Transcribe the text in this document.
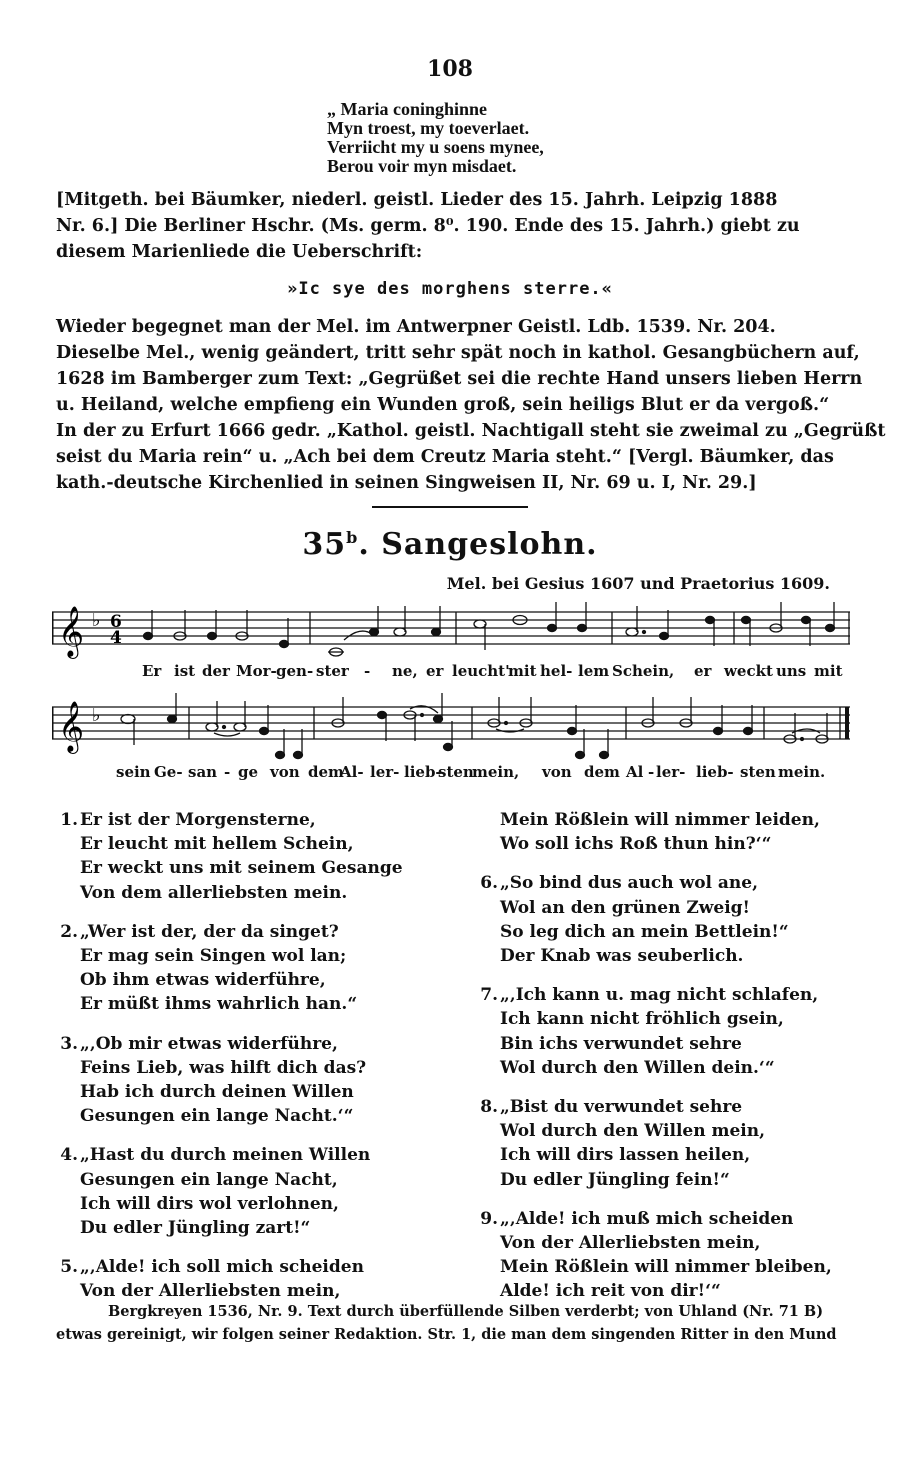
108
„ Maria coninghinne
Myn troest, my toeverlaet.
Verriicht my u soens mynee,
Berou voir myn misdaet.
[Mitgeth. bei Bäumker, niederl. geistl. Lieder des 15. Jahrh. Leipzig 1888
Nr. 6.] Die Berliner Hschr. (Ms. germ. 8⁰. 190. Ende des 15. Jahrh.) giebt zu
diesem Marienliede die Ueberschrift:
»Ic sye des morghens sterre.«
Wieder begegnet man der Mel. im Antwerpner Geistl. Ldb. 1539. Nr. 204.
Dieselbe Mel., wenig geändert, tritt sehr spät noch in kathol. Gesangbüchern auf,
1628 im Bamberger zum Text: „Gegrüßet sei die rechte Hand unsers lieben Herrn
u. Heiland, welche empfieng ein Wunden groß, sein heiligs Blut er da vergoß.“
In der zu Erfurt 1666 gedr. „Kathol. geistl. Nachtigall steht sie zweimal zu „Gegrüßt
seist du Maria rein“ u. „Ach bei dem Creutz Maria steht.“ [Vergl. Bäumker, das
kath.-deutsche Kirchenlied in seinen Singweisen II, Nr. 69 u. I, Nr. 29.]
35$^b$. Sangeslohn.
Mel. bei Gesius 1607 und Praetorius 1609.
𝄞 ♭ 6
4
Er ist der Mor- gen- ster - ne, er leucht'
mit hel- lem Schein, er weckt uns mit
𝄞 ♭
sein Ge- san - ge von dem
Al- ler- lieb-
sten
mein, von dem Al - ler- lieb- sten mein.
1. Er ist der Morgensterne,
Er leucht mit hellem Schein,
Er weckt uns mit seinem Gesange
Von dem allerliebsten mein.
2. „Wer ist der, der da singet?
Er mag sein Singen wol lan;
Ob ihm etwas widerführe,
Er müßt ihms wahrlich han.“
3. „‚Ob mir etwas widerführe,
Feins Lieb, was hilft dich das?
Hab ich durch deinen Willen
Gesungen ein lange Nacht.‘“
4. „Hast du durch meinen Willen
Gesungen ein lange Nacht,
Ich will dirs wol verlohnen,
Du edler Jüngling zart!“
5. „‚Alde! ich soll mich scheiden
Von der Allerliebsten mein,
Mein Rößlein will nimmer leiden,
Wo soll ichs Roß thun hin?‘“
6. „So bind dus auch wol ane,
Wol an den grünen Zweig!
So leg dich an mein Bettlein!“
Der Knab was seuberlich.
7. „‚Ich kann u. mag nicht schlafen,
Ich kann nicht fröhlich gsein,
Bin ichs verwundet sehre
Wol durch den Willen dein.‘“
8. „Bist du verwundet sehre
Wol durch den Willen mein,
Ich will dirs lassen heilen,
Du edler Jüngling fein!“
9. „‚Alde! ich muß mich scheiden
Von der Allerliebsten mein,
Mein Rößlein will nimmer bleiben,
Alde! ich reit von dir!‘“
Bergkreyen 1536, Nr. 9. Text durch überfüllende Silben verderbt; von Uhland (Nr. 71 B)
etwas gereinigt, wir folgen seiner Redaktion. Str. 1, die man dem singenden Ritter in den Mund
